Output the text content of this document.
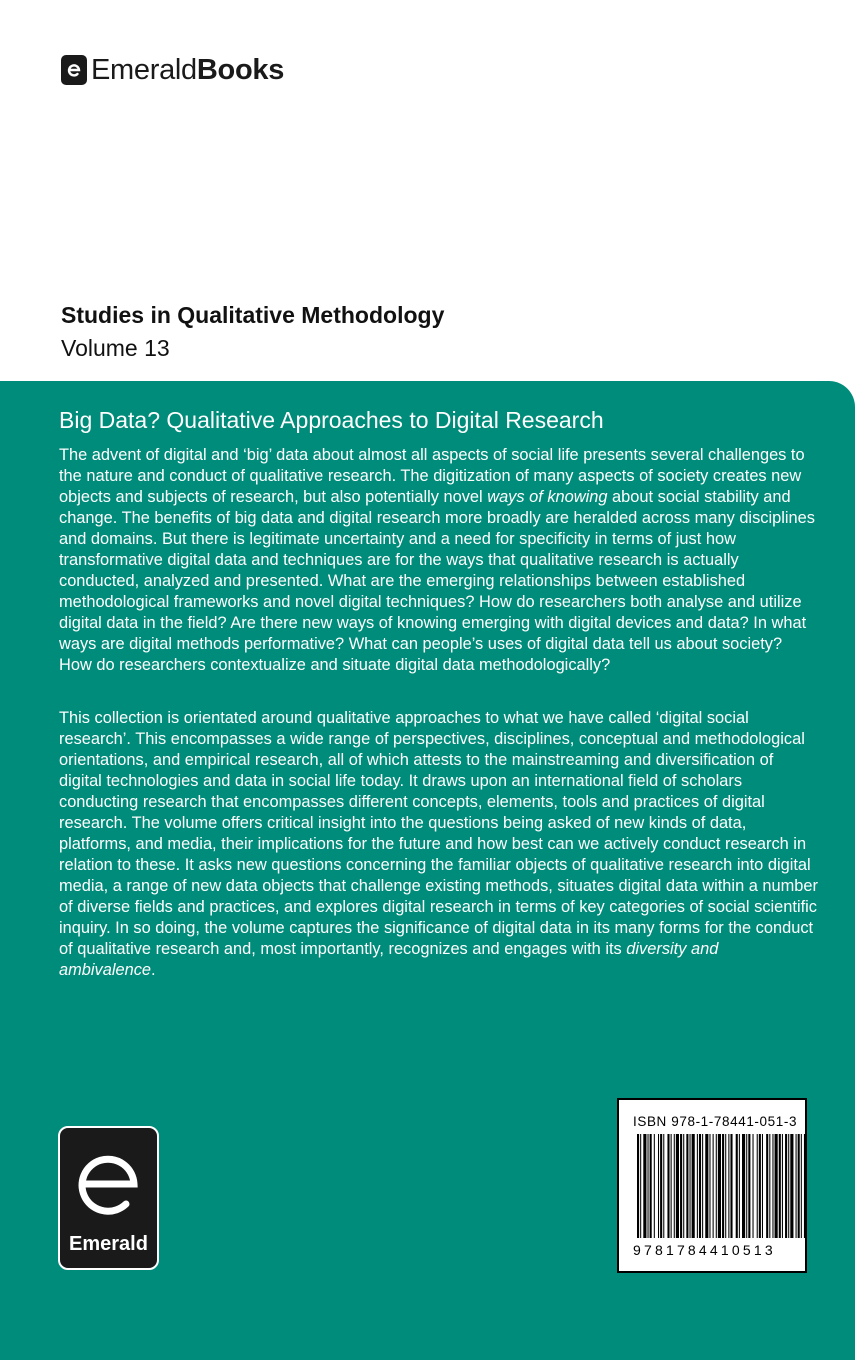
EmeraldBooks
Studies in Qualitative Methodology
Volume 13
Big Data? Qualitative Approaches to Digital Research

The advent of digital and ‘big’ data about almost all aspects of social life presents several challenges to the nature and conduct of qualitative research. The digitization of many aspects of society creates new objects and subjects of research, but also potentially novel ways of knowing about social stability and change. The benefits of big data and digital research more broadly are heralded across many disciplines and domains. But there is legitimate uncertainty and a need for specificity in terms of just how transformative digital data and techniques are for the ways that qualitative research is actually conducted, analyzed and presented. What are the emerging relationships between established methodological frameworks and novel digital techniques? How do researchers both analyse and utilize digital data in the field? Are there new ways of knowing emerging with digital devices and data? In what ways are digital methods performative? What can people’s uses of digital data tell us about society? How do researchers contextualize and situate digital data methodologically?

This collection is orientated around qualitative approaches to what we have called ‘digital social research’. This encompasses a wide range of perspectives, disciplines, conceptual and methodological orientations, and empirical research, all of which attests to the mainstreaming and diversification of digital technologies and data in social life today. It draws upon an international field of scholars conducting research that encompasses different concepts, elements, tools and practices of digital research. The volume offers critical insight into the questions being asked of new kinds of data, platforms, and media, their implications for the future and how best can we actively conduct research in relation to these. It asks new questions concerning the familiar objects of qualitative research into digital media, a range of new data objects that challenge existing methods, situates digital data within a number of diverse fields and practices, and explores digital research in terms of key categories of social scientific inquiry. In so doing, the volume captures the significance of digital data in its many forms for the conduct of qualitative research and, most importantly, recognizes and engages with its diversity and ambivalence.

Emerald
ISBN 978-1-78441-051-3
9781784410513
